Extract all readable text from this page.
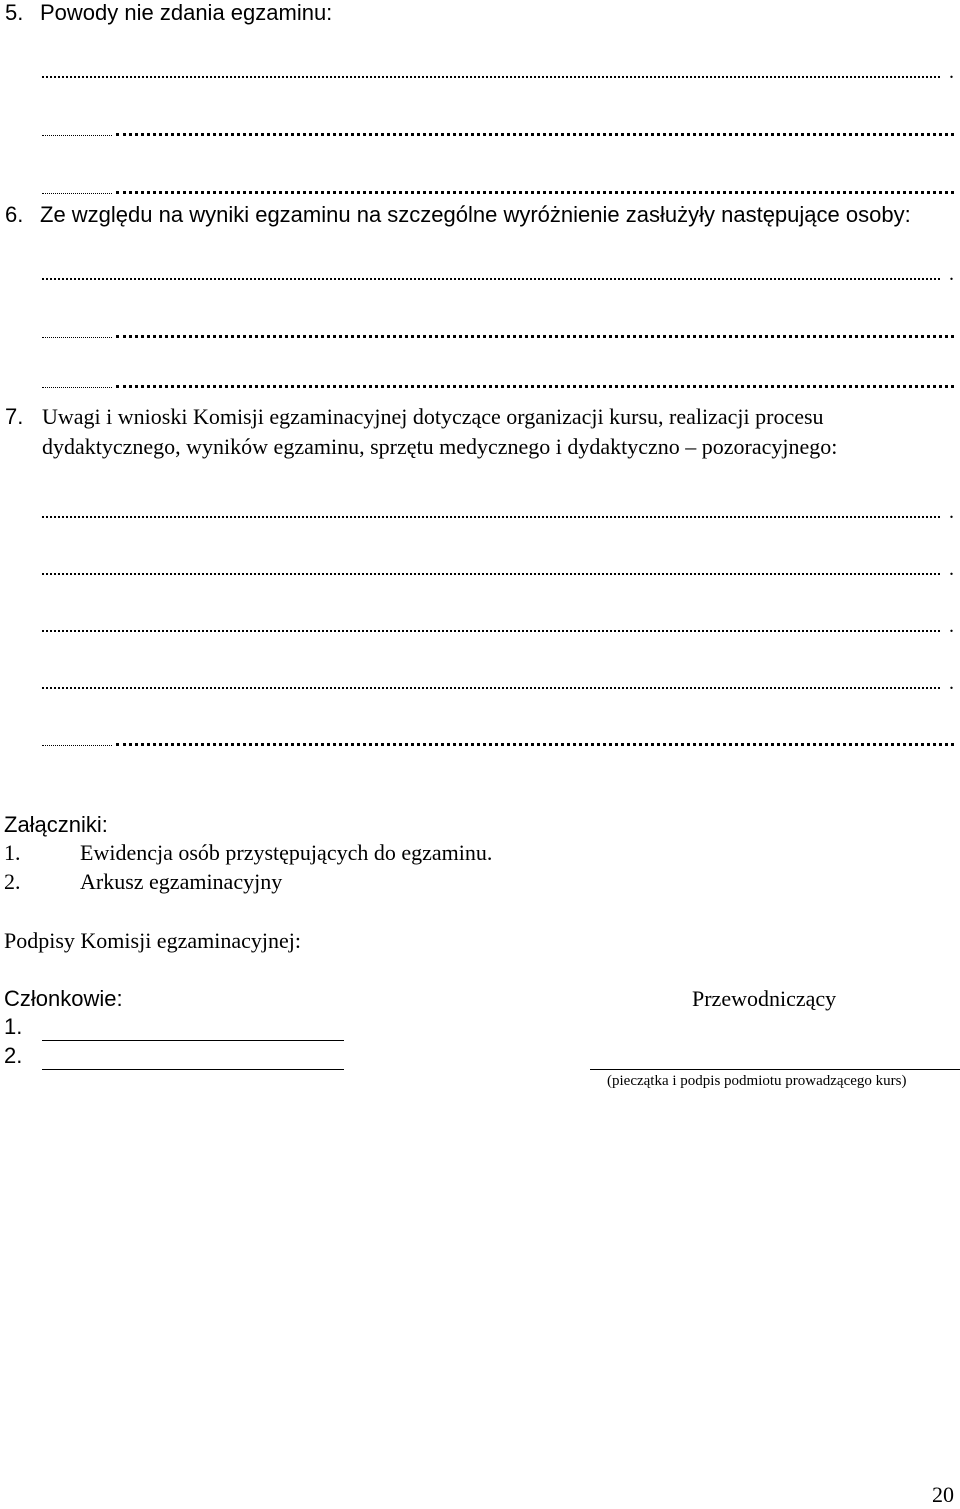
5. Powody nie zdania egzaminu:
.
6. Ze względu na wyniki egzaminu na szczególne wyróżnienie zasłużyły następujące osoby:
.
7. Uwagi i wnioski Komisji egzaminacyjnej dotyczące organizacji kursu, realizacji procesu
dydaktycznego, wyników egzaminu, sprzętu medycznego i dydaktyczno – pozoracyjnego:
.
.
.
.
Załączniki:
1.	Ewidencja osób przystępujących do egzaminu.
2.	Arkusz egzaminacyjny
Podpisy Komisji egzaminacyjnej:
Członkowie:	Przewodniczący
1.
2.
(pieczątka i podpis podmiotu prowadzącego kurs)
20
